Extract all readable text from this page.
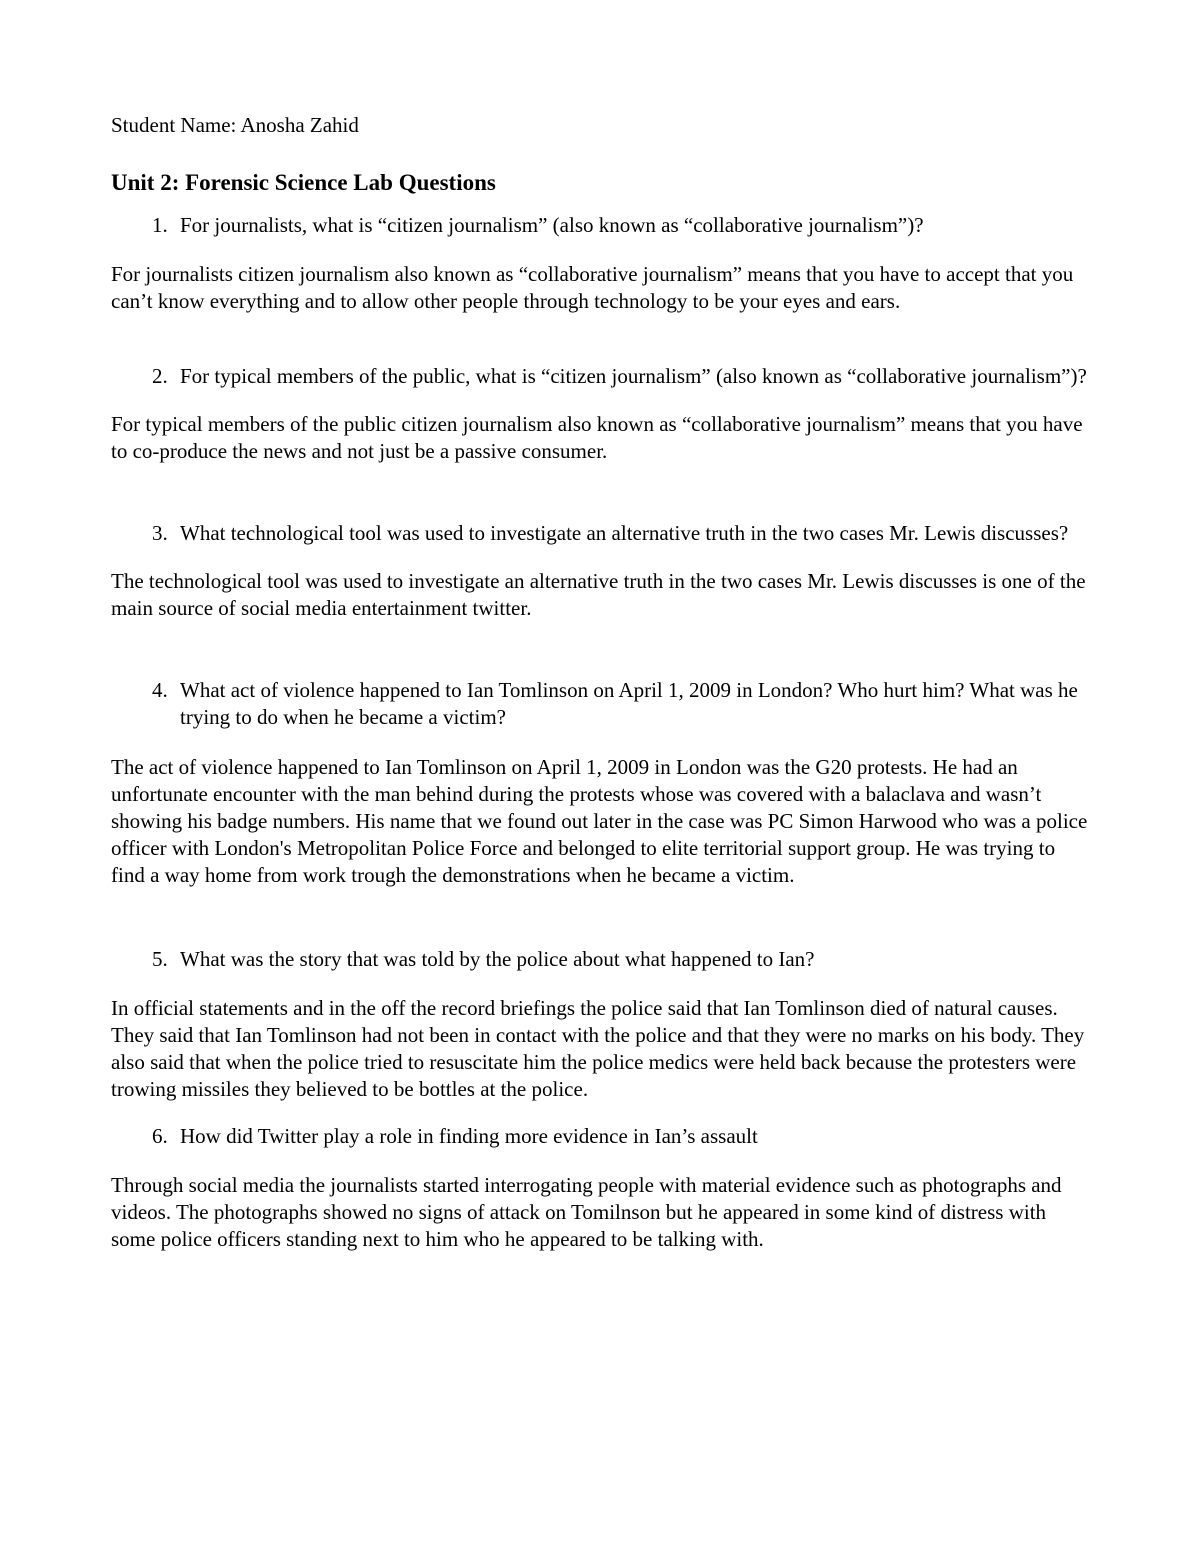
Student Name: Anosha Zahid

Unit 2: Forensic Science Lab Questions
1. For journalists, what is “citizen journalism” (also known as “collaborative journalism”)?

For journalists citizen journalism also known as “collaborative journalism” means that you have to accept that you can’t know everything and to allow other people through technology to be your eyes and ears.

2. For typical members of the public, what is “citizen journalism” (also known as “collaborative journalism”)?

For typical members of the public citizen journalism also known as “collaborative journalism” means that you have to co-produce the news and not just be a passive consumer.

3. What technological tool was used to investigate an alternative truth in the two cases Mr. Lewis discusses?

The technological tool was used to investigate an alternative truth in the two cases Mr. Lewis discusses is one of the main source of social media entertainment twitter.

4. What act of violence happened to Ian Tomlinson on April 1, 2009 in London? Who hurt him? What was he trying to do when he became a victim?

The act of violence happened to Ian Tomlinson on April 1, 2009 in London was the G20 protests. He had an unfortunate encounter with the man behind during the protests whose was covered with a balaclava and wasn’t showing his badge numbers. His name that we found out later in the case was PC Simon Harwood who was a police officer with London's Metropolitan Police Force and belonged to elite territorial support group. He was trying to find a way home from work trough the demonstrations when he became a victim.

5. What was the story that was told by the police about what happened to Ian?

In official statements and in the off the record briefings the police said that Ian Tomlinson died of natural causes. They said that Ian Tomlinson had not been in contact with the police and that they were no marks on his body. They also said that when the police tried to resuscitate him the police medics were held back because the protesters were trowing missiles they believed to be bottles at the police.

6. How did Twitter play a role in finding more evidence in Ian’s assault

Through social media the journalists started interrogating people with material evidence such as photographs and videos. The photographs showed no signs of attack on Tomilnson but he appeared in some kind of distress with some police officers standing next to him who he appeared to be talking with.
